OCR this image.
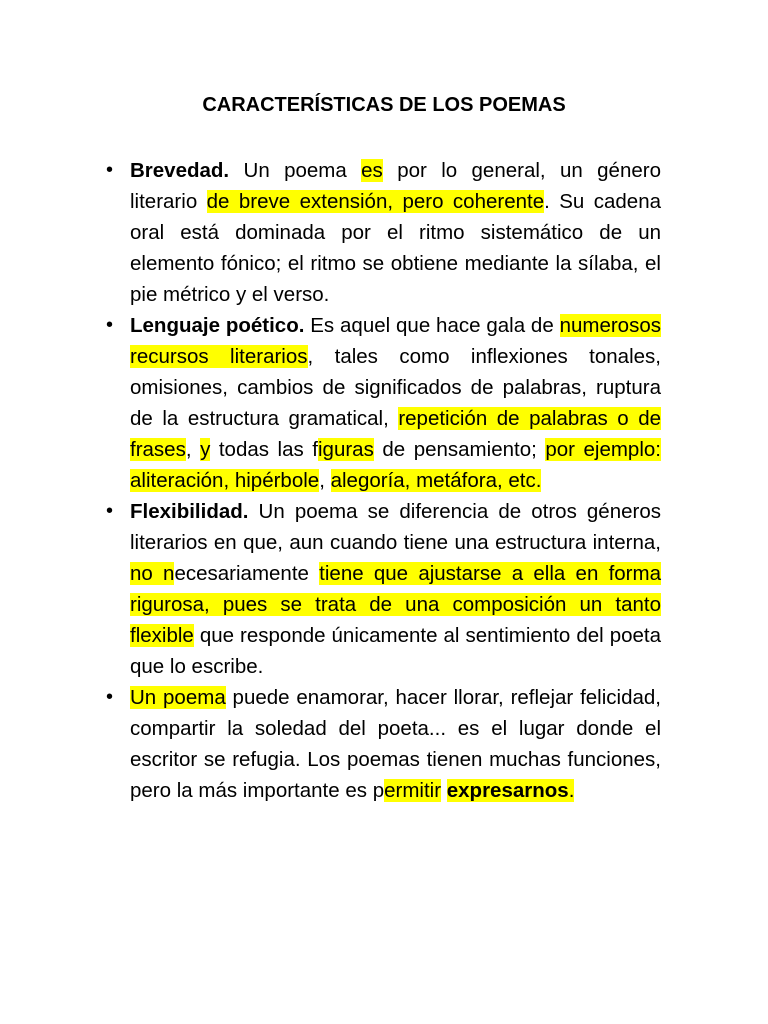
CARACTERÍSTICAS DE LOS POEMAS
• Brevedad. Un poema es por lo general, un género literario de breve extensión, pero coherente. Su cadena oral está dominada por el ritmo sistemático de un elemento fónico; el ritmo se obtiene mediante la sílaba, el pie métrico y el verso.
• Lenguaje poético. Es aquel que hace gala de numerosos recursos literarios, tales como inflexiones tonales, omisiones, cambios de significados de palabras, ruptura de la estructura gramatical, repetición de palabras o de frases, y todas las figuras de pensamiento; por ejemplo: aliteración, hipérbole, alegoría, metáfora, etc.
• Flexibilidad. Un poema se diferencia de otros géneros literarios en que, aun cuando tiene una estructura interna, no necesariamente tiene que ajustarse a ella en forma rigurosa, pues se trata de una composición un tanto flexible que responde únicamente al sentimiento del poeta que lo escribe.
• Un poema puede enamorar, hacer llorar, reflejar felicidad, compartir la soledad del poeta... es el lugar donde el escritor se refugia. Los poemas tienen muchas funciones, pero la más importante es permitir expresarnos.
